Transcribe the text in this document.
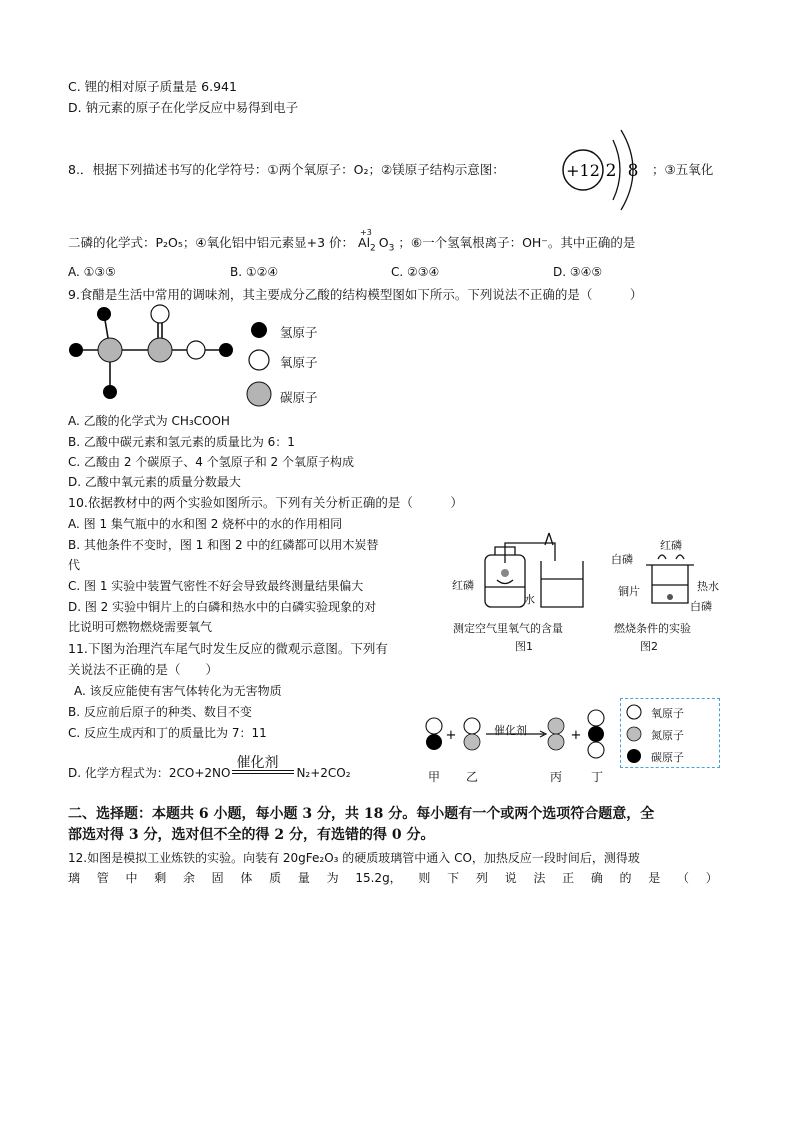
C. 锂的相对原子质量是 6.941
D. 钠元素的原子在化学反应中易得到电子
8.．根据下列描述书写的化学符号：①两个氧原子：O₂；②镁原子结构示意图：	+12 2 8 ；③五氧化
二磷的化学式：P₂O₅；④氧化铝中铝元素显+3 价：
+3
$Al_2$ $O_3$ ；⑥一个氢氧根离子：OH⁻。其中正确的是
A. ①③⑤	B. ①②④	C. ②③④	D. ③④⑤
9.食醋是生活中常用的调味剂，其主要成分乙酸的结构模型图如下所示。下列说法不正确的是（　　　）
氢原子
氧原子
碳原子
A. 乙酸的化学式为 CH₃COOH
B. 乙酸中碳元素和氢元素的质量比为 6：1
C. 乙酸由 2 个碳原子、4 个氢原子和 2 个氧原子构成
D. 乙酸中氧元素的质量分数最大
10.依据教材中的两个实验如图所示。下列有关分析正确的是（　　　）
A. 图 1 集气瓶中的水和图 2 烧杯中的水的作用相同
B. 其他条件不变时，图 1 和图 2 中的红磷都可以用木炭替
代
C. 图 1 实验中装置气密性不好会导致最终测量结果偏大
D. 图 2 实验中铜片上的白磷和热水中的白磷实验现象的对
比说明可燃物燃烧需要氧气
红磷
水
测定空气里氧气的含量
图1
白磷
红磷
铜片	热水
白磷
燃烧条件的实验
图2
11.下图为治理汽车尾气时发生反应的微观示意图。下列有
关说法不正确的是（　　）
A. 该反应能使有害气体转化为无害物质
B. 反应前后原子的种类、数目不变
C. 反应生成丙和丁的质量比为 7：11
D. 化学方程式为：2CO+2NO
催化剂
N₂+2CO₂
+	+
催化剂
甲 乙	丙 丁
氧原子
氮原子
碳原子
二、选择题：本题共 6 小题，每小题 3 分，共 18 分。每小题有一个或两个选项符合题意，全
部选对得 3 分，选对但不全的得 2 分，有选错的得 0 分。
12.如图是模拟工业炼铁的实验。向装有 20gFe₂O₃ 的硬质玻璃管中通入 CO，加热反应一段时间后，测得玻
璃 管 中 剩 余 固 体 质 量 为 15.2g， 则 下 列 说 法 正 确 的 是 （ ）
